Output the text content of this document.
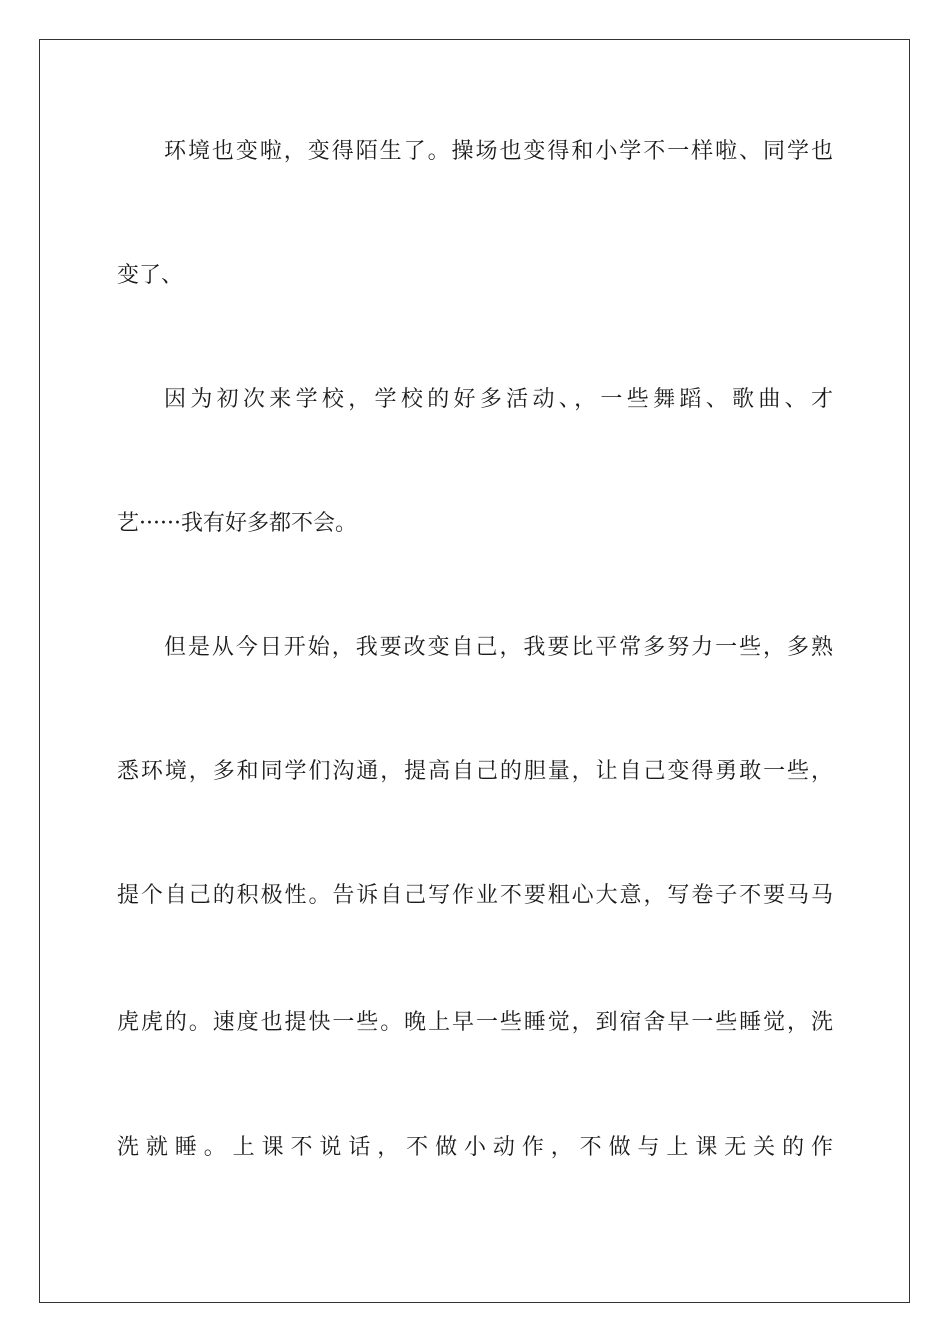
环境也变啦，变得陌生了。操场也变得和小学不一样啦、同学也
变了、
因为初次来学校，学校的好多活动、，一些舞蹈、歌曲、才
艺······我有好多都不会。
但是从今日开始，我要改变自己，我要比平常多努力一些，多熟
悉环境，多和同学们沟通，提高自己的胆量，让自己变得勇敢一些，
提个自己的积极性。告诉自己写作业不要粗心大意，写卷子不要马马
虎虎的。速度也提快一些。晚上早一些睡觉，到宿舍早一些睡觉，洗
洗就睡。上课不说话，不做小动作，不做与上课无关的作
